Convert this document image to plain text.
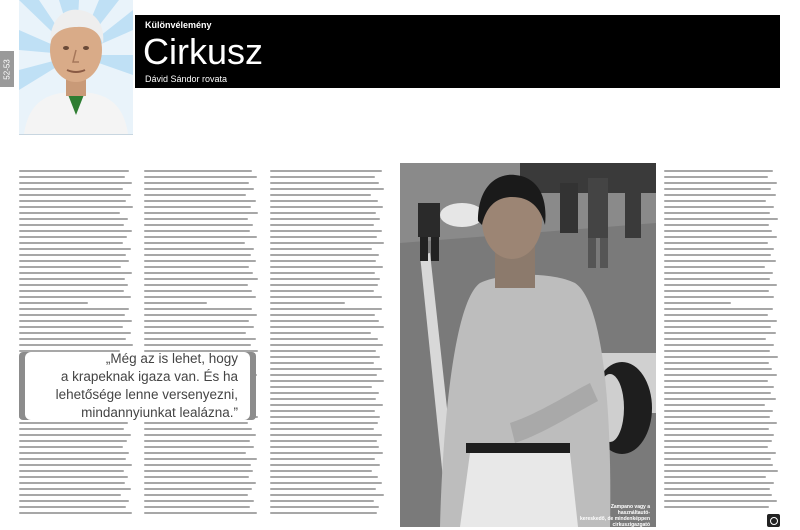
52-53
Különvélemény
Cirkusz
Dávid Sándor rovata
„Még az is lehet, hogy
a krapeknak igaza van. És ha
lehetősége lenne versenyezni,
mindannyiunkat lealázna.”
Zampano vagy a használtautó-
kereskedő, de mindenképpen
cirkuszigazgató
